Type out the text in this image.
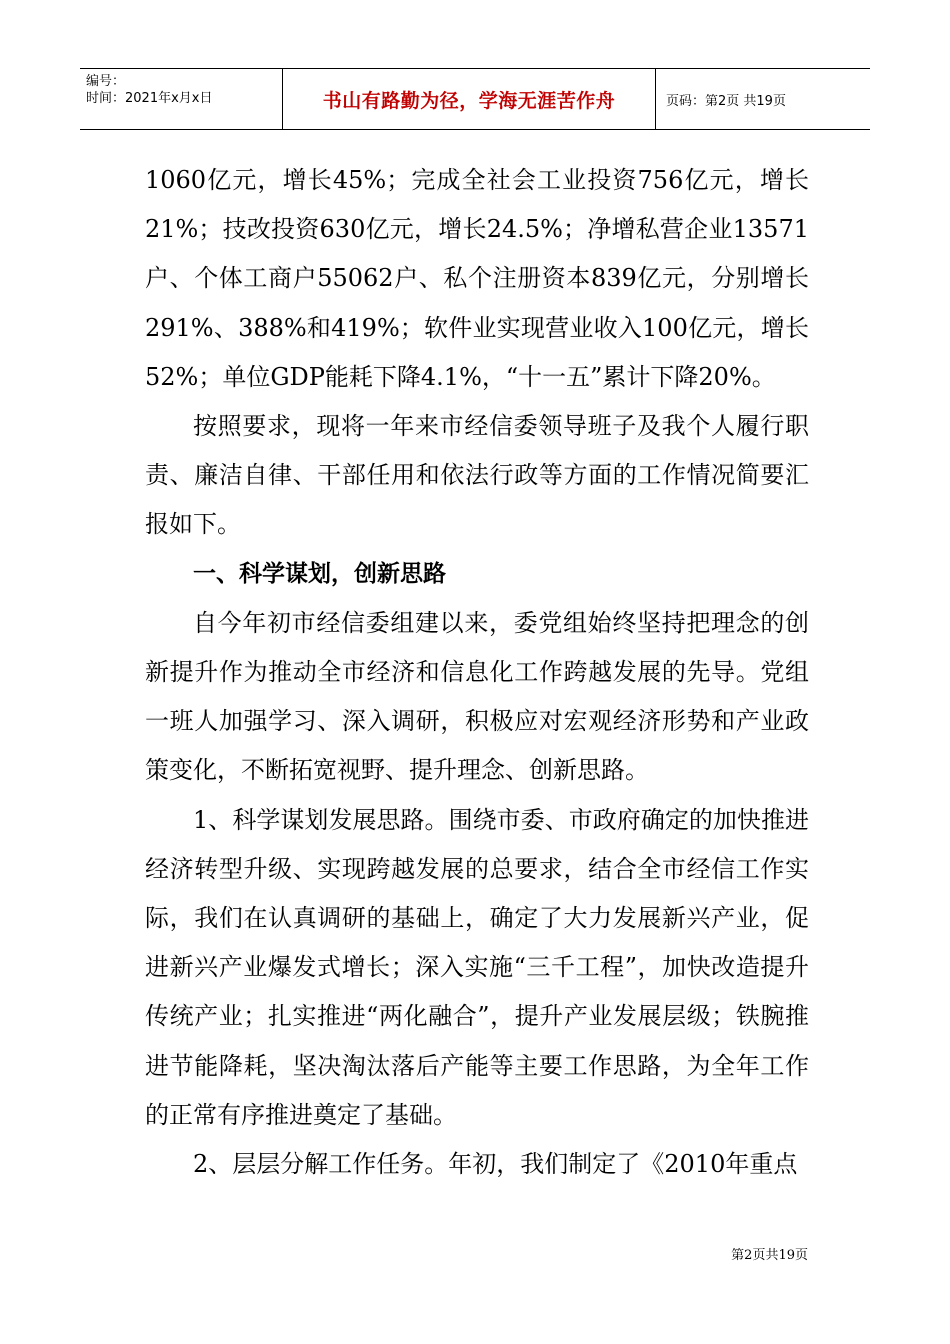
编号：
时间：2021年x月x日	书山有路勤为径，学海无涯苦作舟	页码：第2页 共19页

1060亿元，增长45%；完成全社会工业投资756亿元，增长21%；技改投资630亿元，增长24.5%；净增私营企业13571户、个体工商户55062户、私个注册资本839亿元，分别增长291%、388%和419%；软件业实现营业收入100亿元，增长52%；单位GDP能耗下降4.1%，“十一五”累计下降20%。

按照要求，现将一年来市经信委领导班子及我个人履行职责、廉洁自律、干部任用和依法行政等方面的工作情况简要汇报如下。

一、科学谋划，创新思路

自今年初市经信委组建以来，委党组始终坚持把理念的创新提升作为推动全市经济和信息化工作跨越发展的先导。党组一班人加强学习、深入调研，积极应对宏观经济形势和产业政策变化，不断拓宽视野、提升理念、创新思路。

1、科学谋划发展思路。围绕市委、市政府确定的加快推进经济转型升级、实现跨越发展的总要求，结合全市经信工作实际，我们在认真调研的基础上，确定了大力发展新兴产业，促进新兴产业爆发式增长；深入实施“三千工程”，加快改造提升传统产业；扎实推进“两化融合”，提升产业发展层级；铁腕推进节能降耗，坚决淘汰落后产能等主要工作思路，为全年工作的正常有序推进奠定了基础。

2、层层分解工作任务。年初，我们制定了《2010年重点

第2页共19页
